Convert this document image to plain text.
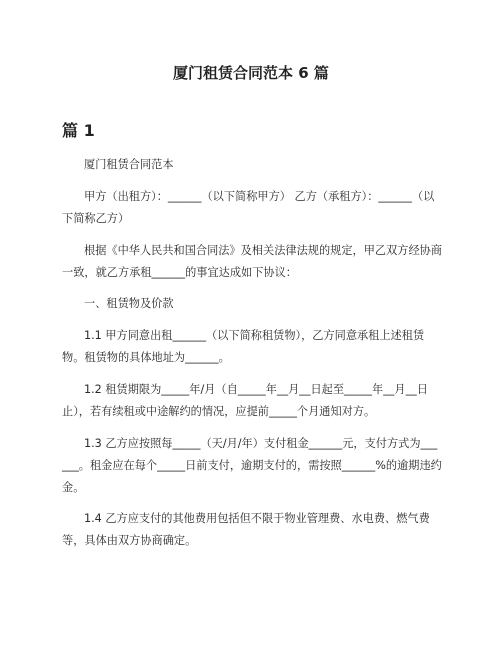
厦门租赁合同范本 6 篇
篇 1

厦门租赁合同范本

甲方（出租方）：______（以下简称甲方） 乙方（承租方）：______（以下简称乙方）

根据《中华人民共和国合同法》及相关法律法规的规定，甲乙双方经协商一致，就乙方承租______的事宜达成如下协议：

一、租赁物及价款

1.1 甲方同意出租______（以下简称租赁物），乙方同意承租上述租赁物。租赁物的具体地址为______。

1.2 租赁期限为_____年/月（自_____年__月__日起至_____年__月__日止），若有续租或中途解约的情况，应提前_____个月通知对方。

1.3 乙方应按照每_____（天/月/年）支付租金______元，支付方式为______。租金应在每个_____日前支付，逾期支付的，需按照______%的逾期违约金。

1.4 乙方应支付的其他费用包括但不限于物业管理费、水电费、燃气费等，具体由双方协商确定。
